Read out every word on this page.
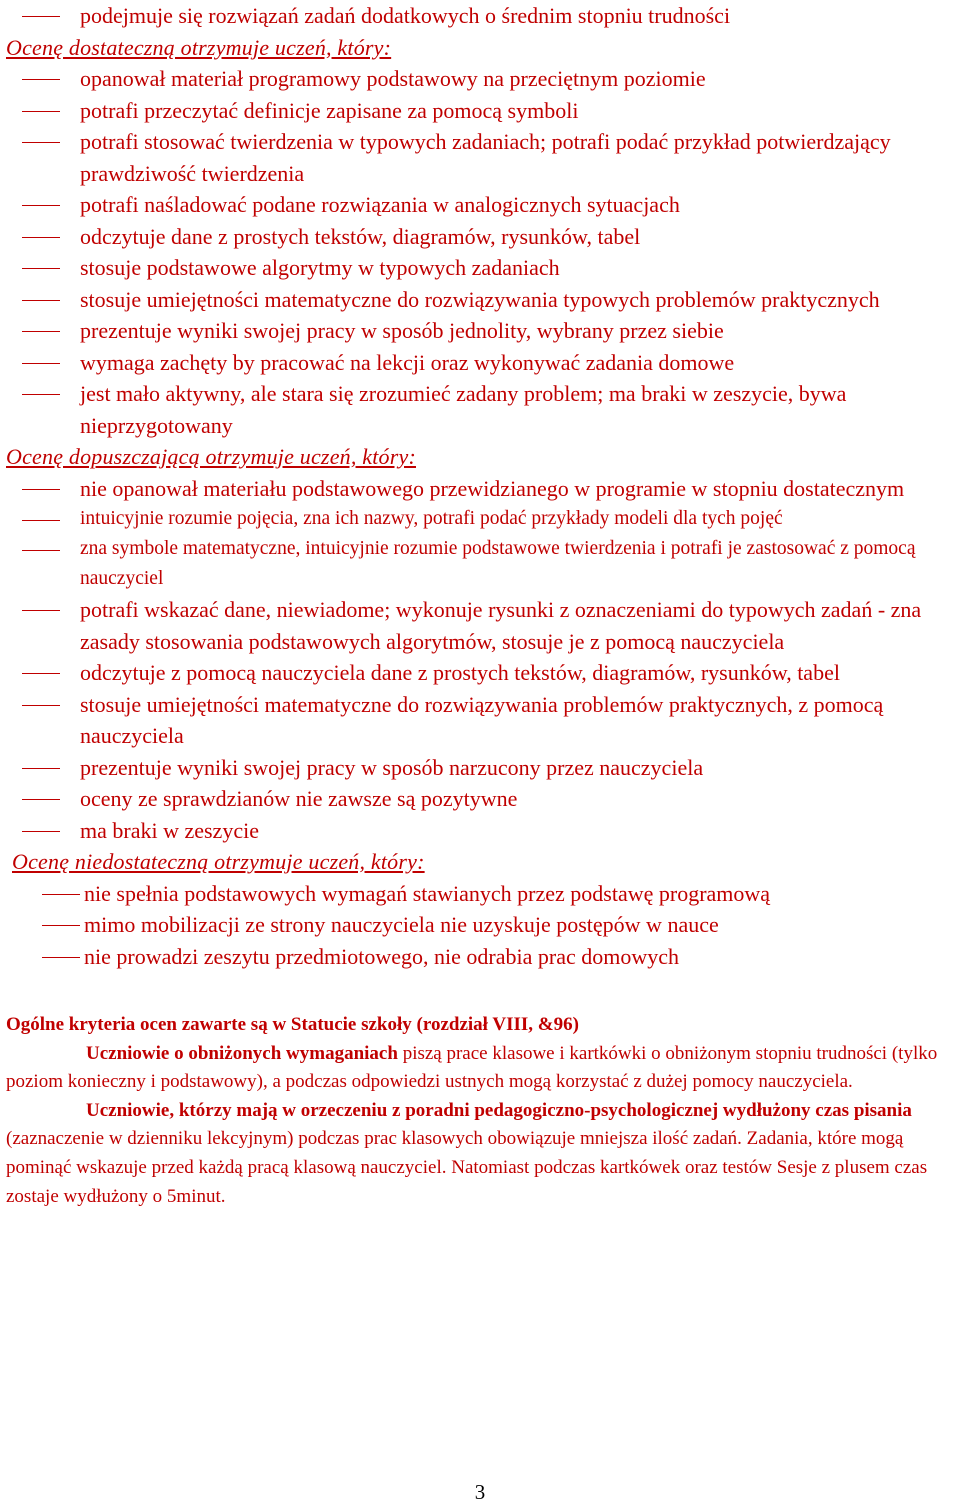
podejmuje się rozwiązań zadań dodatkowych o średnim stopniu trudności
Ocenę dostateczną otrzymuje uczeń, który:
opanował materiał programowy podstawowy na przeciętnym poziomie
potrafi przeczytać definicje zapisane za pomocą symboli
potrafi stosować twierdzenia w typowych zadaniach; potrafi podać przykład potwierdzający prawdziwość twierdzenia
potrafi naśladować podane rozwiązania w analogicznych sytuacjach
odczytuje dane z prostych tekstów, diagramów, rysunków, tabel
stosuje podstawowe algorytmy w typowych zadaniach
stosuje umiejętności matematyczne do rozwiązywania typowych problemów praktycznych
prezentuje wyniki swojej pracy w sposób jednolity, wybrany przez siebie
wymaga zachęty by pracować na lekcji oraz wykonywać zadania domowe
jest mało aktywny, ale stara się zrozumieć zadany problem; ma braki w zeszycie, bywa nieprzygotowany
Ocenę dopuszczającą otrzymuje uczeń, który:
nie opanował materiału podstawowego przewidzianego w programie w stopniu dostatecznym
intuicyjnie rozumie pojęcia, zna ich nazwy, potrafi podać przykłady modeli dla tych pojęć
zna symbole matematyczne, intuicyjnie rozumie podstawowe twierdzenia i potrafi je zastosować z pomocą nauczyciel
potrafi wskazać dane, niewiadome; wykonuje rysunki z oznaczeniami do typowych zadań - zna zasady stosowania podstawowych algorytmów, stosuje je z pomocą nauczyciela
odczytuje z pomocą nauczyciela dane z prostych tekstów, diagramów, rysunków, tabel
stosuje umiejętności matematyczne do rozwiązywania problemów praktycznych, z pomocą nauczyciela
prezentuje wyniki swojej pracy w sposób narzucony przez nauczyciela
oceny ze sprawdzianów nie zawsze są pozytywne
ma braki w zeszycie
Ocenę niedostateczną otrzymuje uczeń, który:
nie spełnia podstawowych wymagań stawianych przez podstawę programową
mimo mobilizacji ze strony nauczyciela nie uzyskuje postępów w nauce
nie prowadzi zeszytu przedmiotowego, nie odrabia prac domowych
Ogólne kryteria ocen zawarte są w Statucie szkoły (rozdział VIII, &96)
Uczniowie o obniżonych wymaganiach piszą prace klasowe i kartkówki o obniżonym stopniu trudności (tylko poziom konieczny i podstawowy), a podczas odpowiedzi ustnych mogą korzystać z dużej pomocy nauczyciela.
Uczniowie, którzy mają w orzeczeniu z poradni pedagogiczno-psychologicznej wydłużony czas pisania (zaznaczenie w dzienniku lekcyjnym) podczas prac klasowych obowiązuje mniejsza ilość zadań. Zadania, które mogą pominąć wskazuje przed każdą pracą klasową nauczyciel. Natomiast podczas kartkówek oraz testów Sesje z plusem czas zostaje wydłużony o 5minut.
3
